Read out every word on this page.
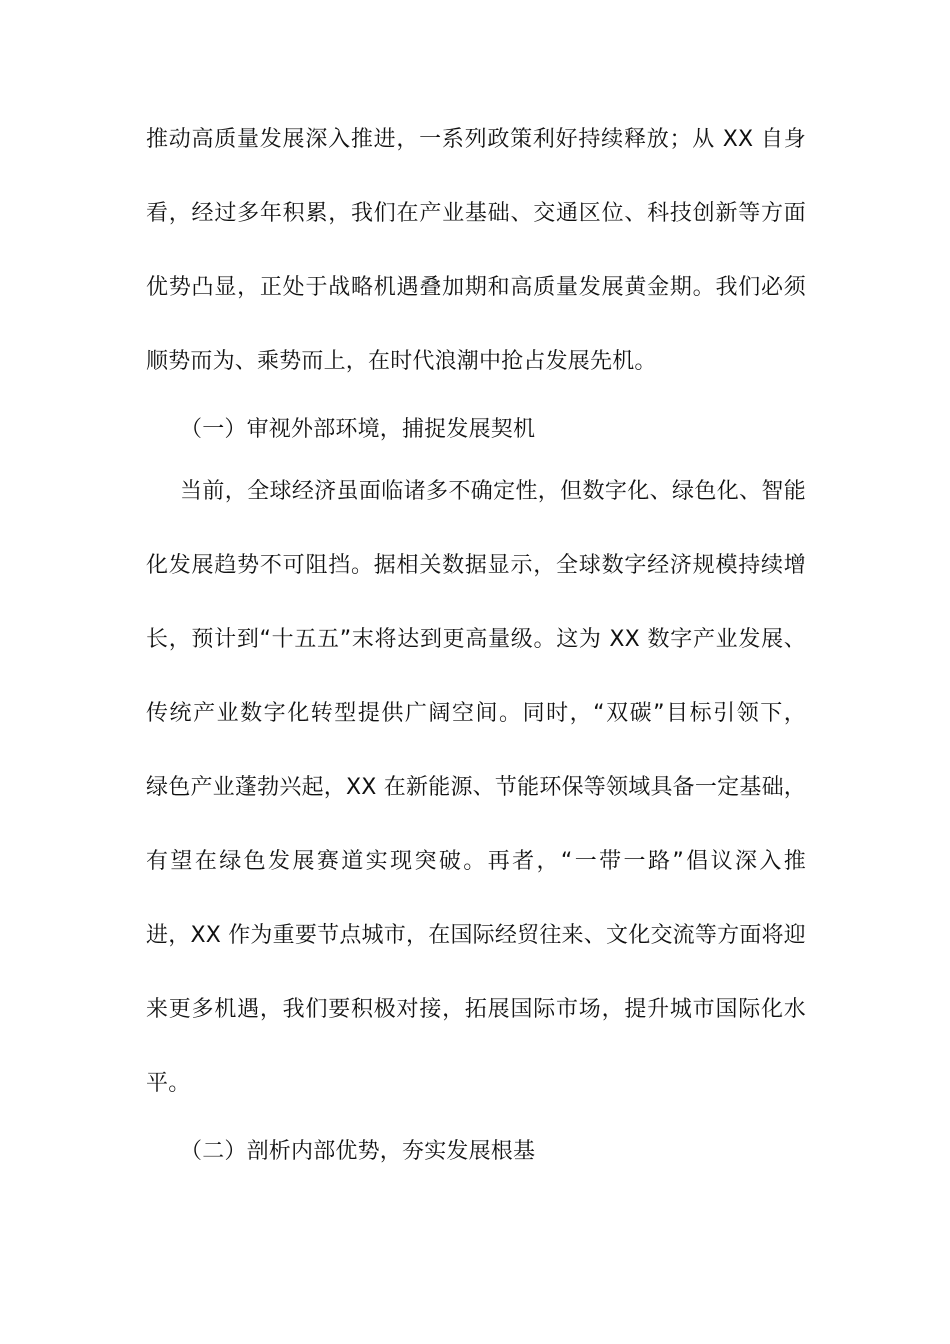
推动高质量发展深入推进，一系列政策利好持续释放；从 XX 自身
看，经过多年积累，我们在产业基础、交通区位、科技创新等方面
优势凸显，正处于战略机遇叠加期和高质量发展黄金期。我们必须
顺势而为、乘势而上，在时代浪潮中抢占发展先机。
（一）审视外部环境，捕捉发展契机
当前，全球经济虽面临诸多不确定性，但数字化、绿色化、智能
化发展趋势不可阻挡。据相关数据显示，全球数字经济规模持续增
长，预计到“十五五”末将达到更高量级。这为 XX 数字产业发展、
传统产业数字化转型提供广阔空间。同时，“双碳”目标引领下，
绿色产业蓬勃兴起，XX 在新能源、节能环保等领域具备一定基础，
有望在绿色发展赛道实现突破。再者，“一带一路”倡议深入推
进，XX 作为重要节点城市，在国际经贸往来、文化交流等方面将迎
来更多机遇，我们要积极对接，拓展国际市场，提升城市国际化水
平。
（二）剖析内部优势，夯实发展根基
